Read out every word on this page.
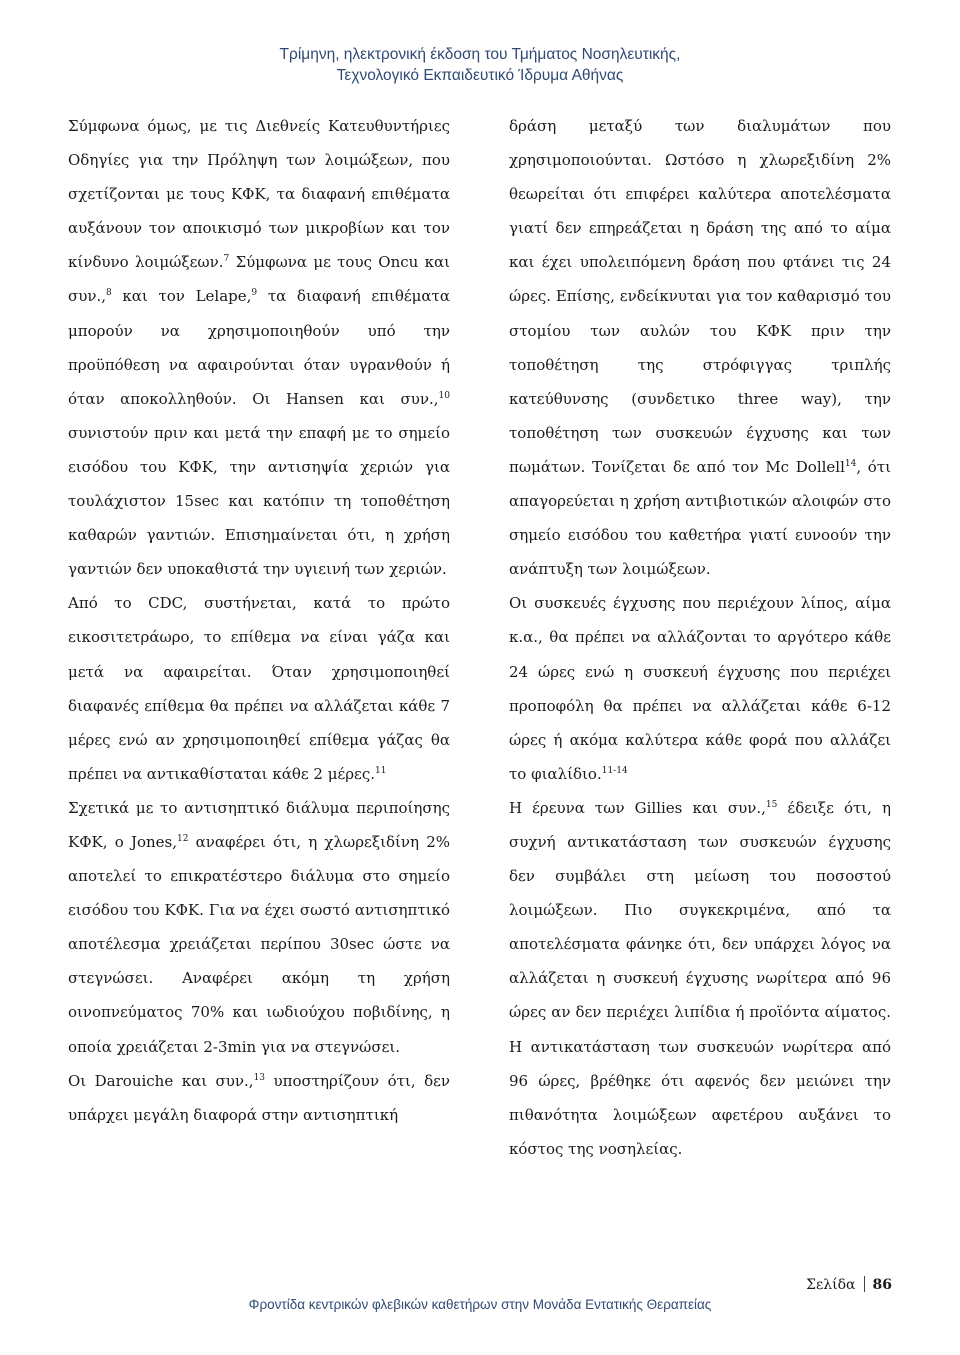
Τρίμηνη, ηλεκτρονική έκδοση του Τμήματος Νοσηλευτικής,
Τεχνολογικό Εκπαιδευτικό Ίδρυμα Αθήνας

Σύμφωνα όμως, με τις Διεθνείς Κατευθυντήριες Οδηγίες για την Πρόληψη των λοιμώξεων, που σχετίζονται με τους ΚΦΚ, τα διαφανή επιθέματα αυξάνουν τον αποικισμό των μικροβίων και τον κίνδυνο λοιμώξεων.$^7$ Σύμφωνα με τους Oncu και συν.,$^8$ και τον Lelape,$^9$ τα διαφανή επιθέματα μπορούν να χρησιμοποιηθούν υπό την προϋπόθεση να αφαιρούνται όταν υγρανθούν ή όταν αποκολληθούν. Οι Hansen και συν.,$^{10}$ συνιστούν πριν και μετά την επαφή με το σημείο εισόδου του ΚΦΚ, την αντισηψία χεριών για τουλάχιστον 15sec και κατόπιν τη τοποθέτηση καθαρών γαντιών. Επισημαίνεται ότι, η χρήση γαντιών δεν υποκαθιστά την υγιεινή των χεριών.

Από το CDC, συστήνεται, κατά το πρώτο εικοσιτετράωρο, το επίθεμα να είναι γάζα και μετά να αφαιρείται. Όταν χρησιμοποιηθεί διαφανές επίθεμα θα πρέπει να αλλάζεται κάθε 7 μέρες ενώ αν χρησιμοποιηθεί επίθεμα γάζας θα πρέπει να αντικαθίσταται κάθε 2 μέρες.$^{11}$

Σχετικά με το αντισηπτικό διάλυμα περιποίησης ΚΦΚ, ο Jones,$^{12}$ αναφέρει ότι, η χλωρεξιδίνη 2% αποτελεί το επικρατέστερο διάλυμα στο σημείο εισόδου του ΚΦΚ. Για να έχει σωστό αντισηπτικό αποτέλεσμα χρειάζεται περίπου 30sec ώστε να στεγνώσει. Αναφέρει ακόμη τη χρήση οινοπνεύματος 70% και ιωδιούχου ποβιδίνης, η οποία χρειάζεται 2-3min για να στεγνώσει.

Οι Darouiche και συν.,$^{13}$ υποστηρίζουν ότι, δεν υπάρχει μεγάλη διαφορά στην αντισηπτική

δράση μεταξύ των διαλυμάτων που χρησιμοποιούνται. Ωστόσο η χλωρεξιδίνη 2% θεωρείται ότι επιφέρει καλύτερα αποτελέσματα γιατί δεν επηρεάζεται η δράση της από το αίμα και έχει υπολειπόμενη δράση που φτάνει τις 24 ώρες. Επίσης, ενδείκνυται για τον καθαρισμό του στομίου των αυλών του ΚΦΚ πριν την τοποθέτηση της στρόφιγγας τριπλής κατεύθυνσης (συνδετικο three way), την τοποθέτηση των συσκευών έγχυσης και των πωμάτων. Τονίζεται δε από τον Mc Dollell$^{14}$, ότι απαγορεύεται η χρήση αντιβιοτικών αλοιφών στο σημείο εισόδου του καθετήρα γιατί ευνοούν την ανάπτυξη των λοιμώξεων.

Οι συσκευές έγχυσης που περιέχουν λίπος, αίμα κ.α., θα πρέπει να αλλάζονται το αργότερο κάθε 24 ώρες ενώ η συσκευή έγχυσης που περιέχει προποφόλη θα πρέπει να αλλάζεται κάθε 6-12 ώρες ή ακόμα καλύτερα κάθε φορά που αλλάζει το φιαλίδιο.$^{11-14}$

Η έρευνα των Gillies και συν.,$^{15}$ έδειξε ότι, η συχνή αντικατάσταση των συσκευών έγχυσης δεν συμβάλει στη μείωση του ποσοστού λοιμώξεων. Πιο συγκεκριμένα, από τα αποτελέσματα φάνηκε ότι, δεν υπάρχει λόγος να αλλάζεται η συσκευή έγχυσης νωρίτερα από 96 ώρες αν δεν περιέχει λιπίδια ή προϊόντα αίματος. Η αντικατάσταση των συσκευών νωρίτερα από 96 ώρες, βρέθηκε ότι αφενός δεν μειώνει την πιθανότητα λοιμώξεων αφετέρου αυξάνει το κόστος της νοσηλείας.

Σελίδα 86
Φροντίδα κεντρικών φλεβικών καθετήρων στην Μονάδα Εντατικής Θεραπείας
